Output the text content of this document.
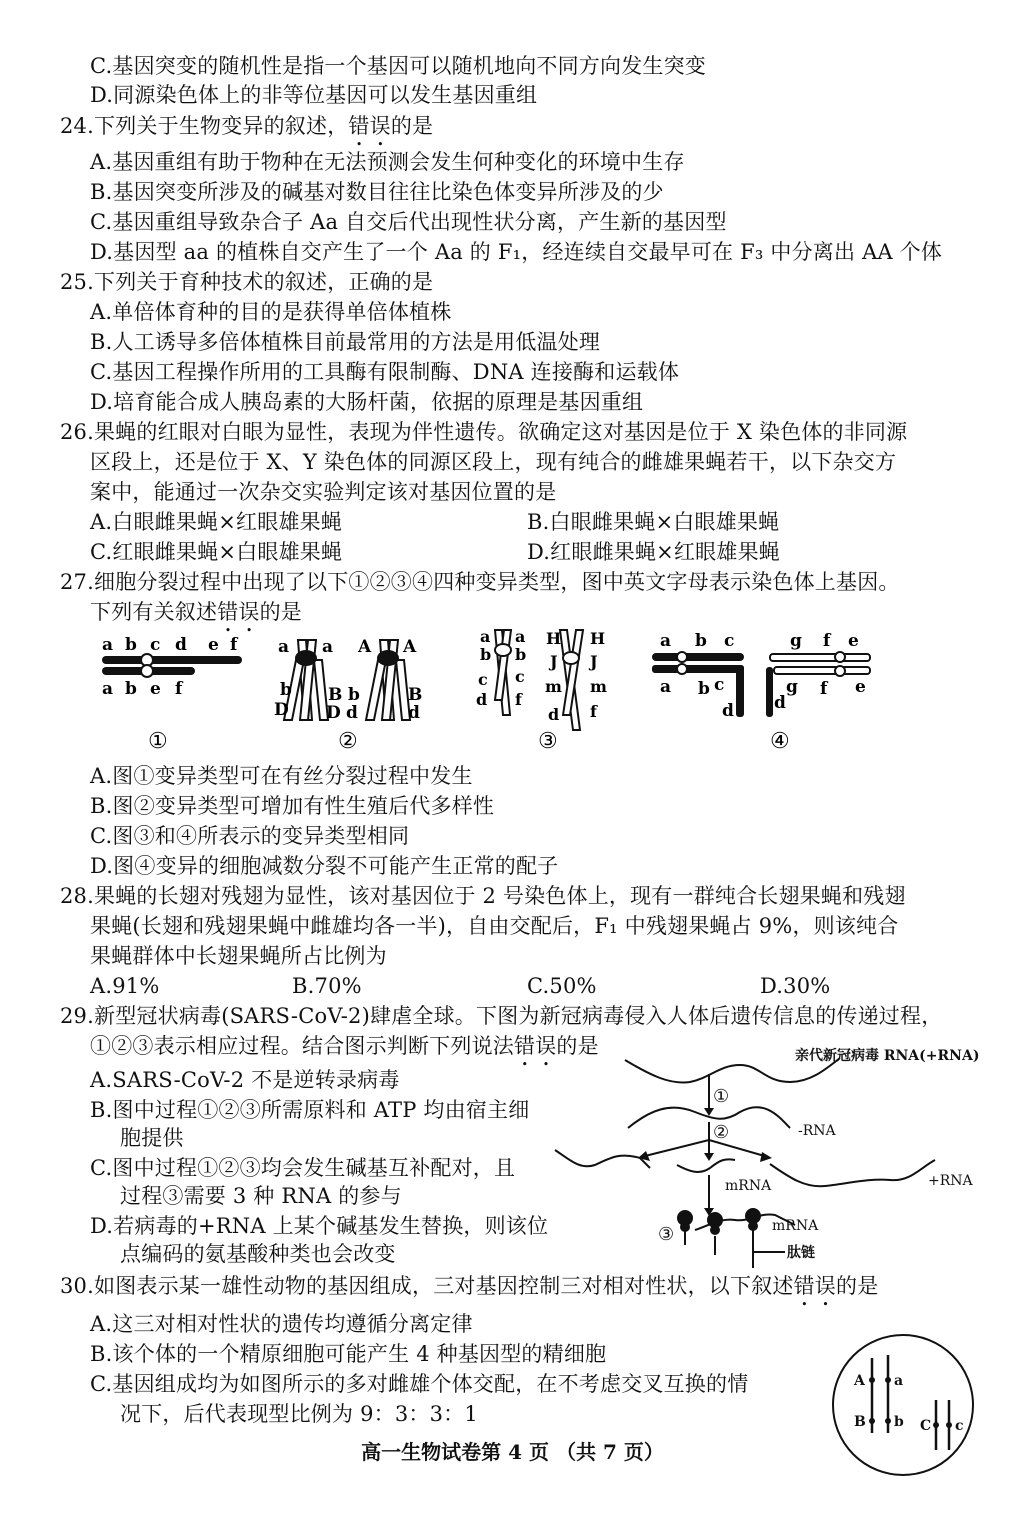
C.基因突变的随机性是指一个基因可以随机地向不同方向发生突变
D.同源染色体上的非等位基因可以发生基因重组
24.下列关于生物变异的叙述，错误的是
A.基因重组有助于物种在无法预测会发生何种变化的环境中生存
B.基因突变所涉及的碱基对数目往往比染色体变异所涉及的少
C.基因重组导致杂合子 Aa 自交后代出现性状分离，产生新的基因型
D.基因型 aa 的植株自交产生了一个 Aa 的 F₁，经连续自交最早可在 F₃ 中分离出 AA 个体
25.下列关于育种技术的叙述，正确的是
A.单倍体育种的目的是获得单倍体植株
B.人工诱导多倍体植株目前最常用的方法是用低温处理
C.基因工程操作所用的工具酶有限制酶、DNA 连接酶和运载体
D.培育能合成人胰岛素的大肠杆菌，依据的原理是基因重组
26.果蝇的红眼对白眼为显性，表现为伴性遗传。欲确定这对基因是位于 X 染色体的非同源
区段上，还是位于 X、Y 染色体的同源区段上，现有纯合的雌雄果蝇若干，以下杂交方
案中，能通过一次杂交实验判定该对基因位置的是
A.白眼雌果蝇×红眼雄果蝇	B.白眼雌果蝇×白眼雄果蝇
C.红眼雌果蝇×白眼雄果蝇	D.红眼雌果蝇×红眼雄果蝇
27.细胞分裂过程中出现了以下①②③④四种变异类型，图中英文字母表示染色体上基因。
下列有关叙述错误的是
a b c d e f
a b e f
①
a a
b
D
B
D
A A
b
d
B
d
②
a a
b b
c c
d f
H H
J J
m m
d f
③
a b c
a b c
d
g f e
g f e
d
④
A.图①变异类型可在有丝分裂过程中发生
B.图②变异类型可增加有性生殖后代多样性
C.图③和④所表示的变异类型相同
D.图④变异的细胞减数分裂不可能产生正常的配子
28.果蝇的长翅对残翅为显性，该对基因位于 2 号染色体上，现有一群纯合长翅果蝇和残翅
果蝇(长翅和残翅果蝇中雌雄均各一半)，自由交配后，F₁ 中残翅果蝇占 9%，则该纯合
果蝇群体中长翅果蝇所占比例为
A.91%	B.70%	C.50%	D.30%
29.新型冠状病毒(SARS-CoV-2)肆虐全球。下图为新冠病毒侵入人体后遗传信息的传递过程，
①②③表示相应过程。结合图示判断下列说法错误的是
A.SARS-CoV-2 不是逆转录病毒
B.图中过程①②③所需原料和 ATP 均由宿主细
胞提供
C.图中过程①②③均会发生碱基互补配对，且
过程③需要 3 种 RNA 的参与
D.若病毒的+RNA 上某个碱基发生替换，则该位
点编码的氨基酸种类也会改变
亲代新冠病毒 RNA(+RNA)
①
②
③
-RNA
+RNA
mRNA
mRNA
肽链
30.如图表示某一雄性动物的基因组成，三对基因控制三对相对性状，以下叙述错误的是
A.这三对相对性状的遗传均遵循分离定律
B.该个体的一个精原细胞可能产生 4 种基因型的精细胞
C.基因组成均为如图所示的多对雌雄个体交配，在不考虑交叉互换的情
况下，后代表现型比例为 9：3：3：1
A a
B b C c
高一生物试卷第 4 页 （共 7 页）
